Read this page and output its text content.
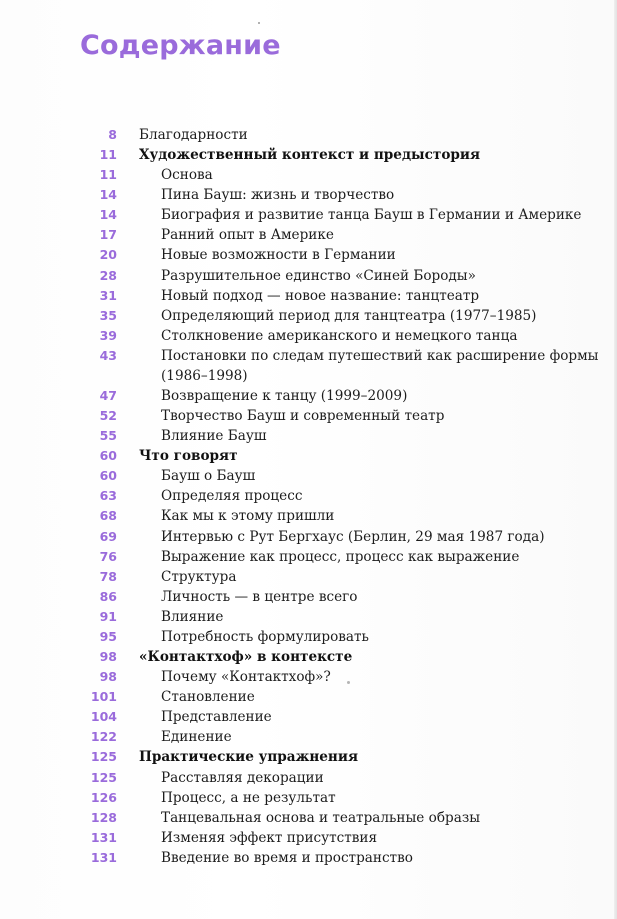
Содержание
8 Благодарности
11 Художественный контекст и предыстория
11	Основа
14	Пина Бауш: жизнь и творчество
14	Биография и развитие танца Бауш в Германии и Америке
17	Ранний опыт в Америке
20	Новые возможности в Германии
28	Разрушительное единство «Синей Бороды»
31	Новый подход — новое название: танцтеатр
35	Определяющий период для танцтеатра (1977–1985)
39	Столкновение американского и немецкого танца
43	Постановки по следам путешествий как расширение формы (1986–1998)
47	Возвращение к танцу (1999–2009)
52	Творчество Бауш и современный театр
55	Влияние Бауш
60 Что говорят
60	Бауш о Бауш
63	Определяя процесс
68	Как мы к этому пришли
69	Интервью с Рут Бергхаус (Берлин, 29 мая 1987 года)
76	Выражение как процесс, процесс как выражение
78	Структура
86	Личность — в центре всего
91	Влияние
95	Потребность формулировать
98 «Контактхоф» в контексте
98	Почему «Контактхоф»?
101	Становление
104	Представление
122	Единение
125 Практические упражнения
125	Расставляя декорации
126	Процесс, а не результат
128	Танцевальная основа и театральные образы
131	Изменяя эффект присутствия
131	Введение во время и пространство
